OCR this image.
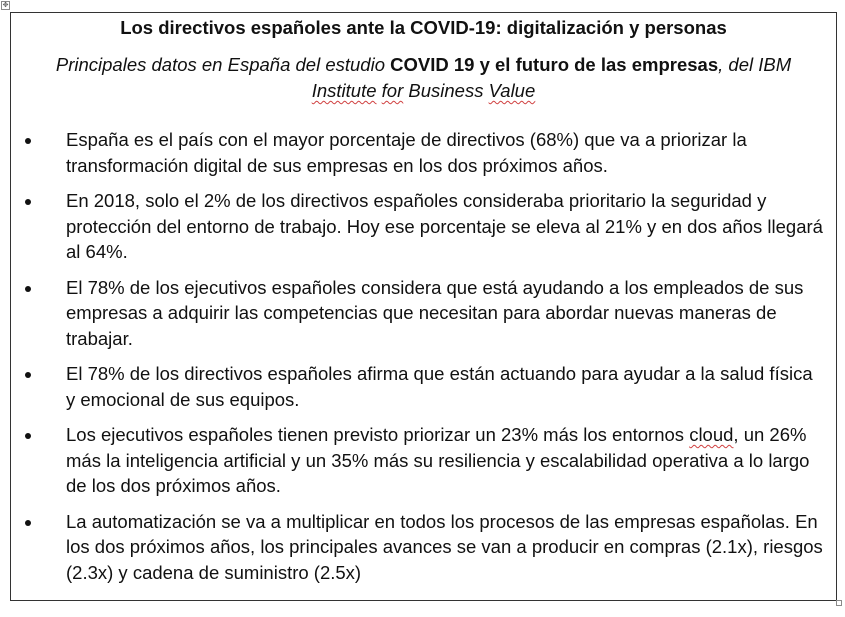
✥
Los directivos españoles ante la COVID-19: digitalización y personas
Principales datos en España del estudio COVID 19 y el futuro de las empresas, del IBM
Institute for Business Value
España es el país con el mayor porcentaje de directivos (68%) que va a priorizar la transformación digital de sus empresas en los dos próximos años.
En 2018, solo el 2% de los directivos españoles consideraba prioritario la seguridad y protección del entorno de trabajo. Hoy ese porcentaje se eleva al 21% y en dos años llegará al 64%.
El 78% de los ejecutivos españoles considera que está ayudando a los empleados de sus empresas a adquirir las competencias que necesitan para abordar nuevas maneras de trabajar.
El 78% de los directivos españoles afirma que están actuando para ayudar a la salud física y emocional de sus equipos.
Los ejecutivos españoles tienen previsto priorizar un 23% más los entornos cloud, un 26% más la inteligencia artificial y un 35% más su resiliencia y escalabilidad operativa a lo largo de los dos próximos años.
La automatización se va a multiplicar en todos los procesos de las empresas españolas. En los dos próximos años, los principales avances se van a producir en compras (2.1x), riesgos (2.3x) y cadena de suministro (2.5x)
